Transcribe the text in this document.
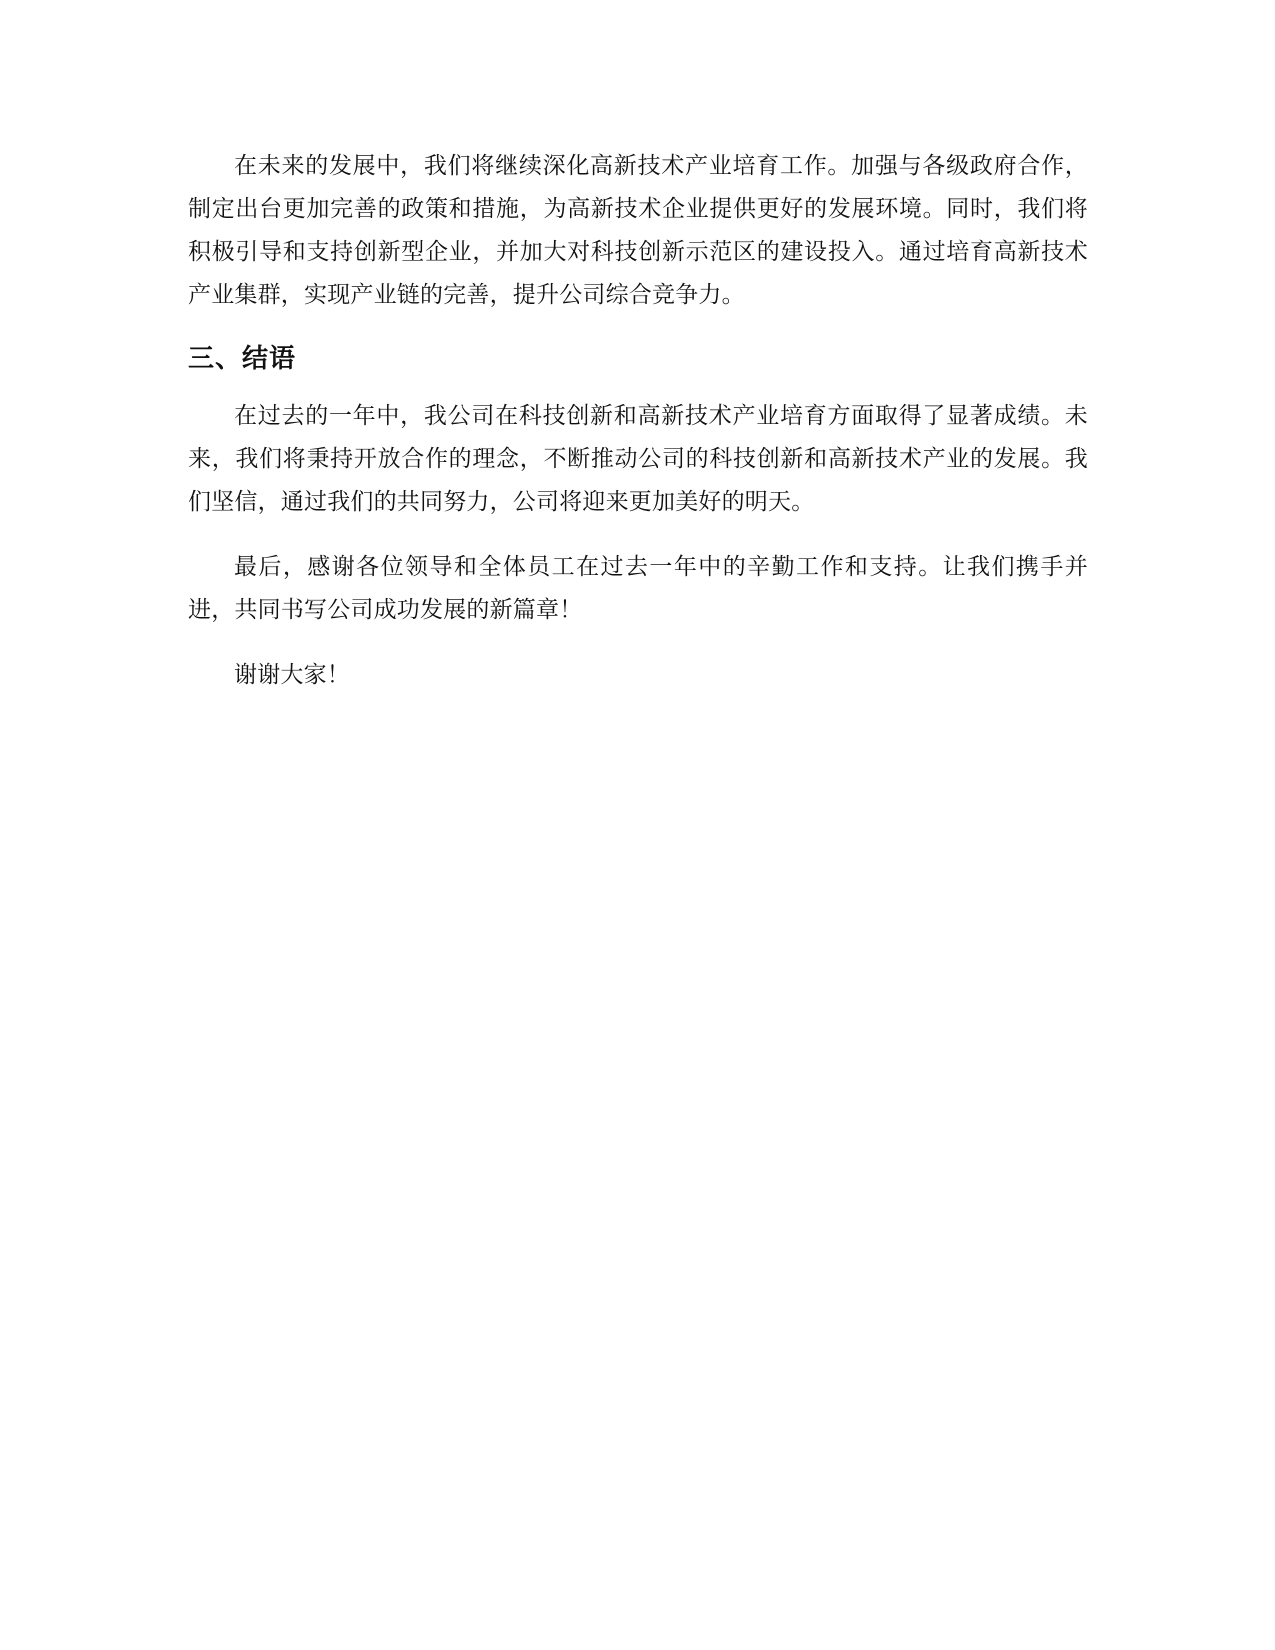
在未来的发展中，我们将继续深化高新技术产业培育工作。加强与各级政府合作，制定出台更加完善的政策和措施，为高新技术企业提供更好的发展环境。同时，我们将积极引导和支持创新型企业，并加大对科技创新示范区的建设投入。通过培育高新技术产业集群，实现产业链的完善，提升公司综合竞争力。

三、结语

在过去的一年中，我公司在科技创新和高新技术产业培育方面取得了显著成绩。未来，我们将秉持开放合作的理念，不断推动公司的科技创新和高新技术产业的发展。我们坚信，通过我们的共同努力，公司将迎来更加美好的明天。

最后，感谢各位领导和全体员工在过去一年中的辛勤工作和支持。让我们携手并进，共同书写公司成功发展的新篇章！

谢谢大家！
